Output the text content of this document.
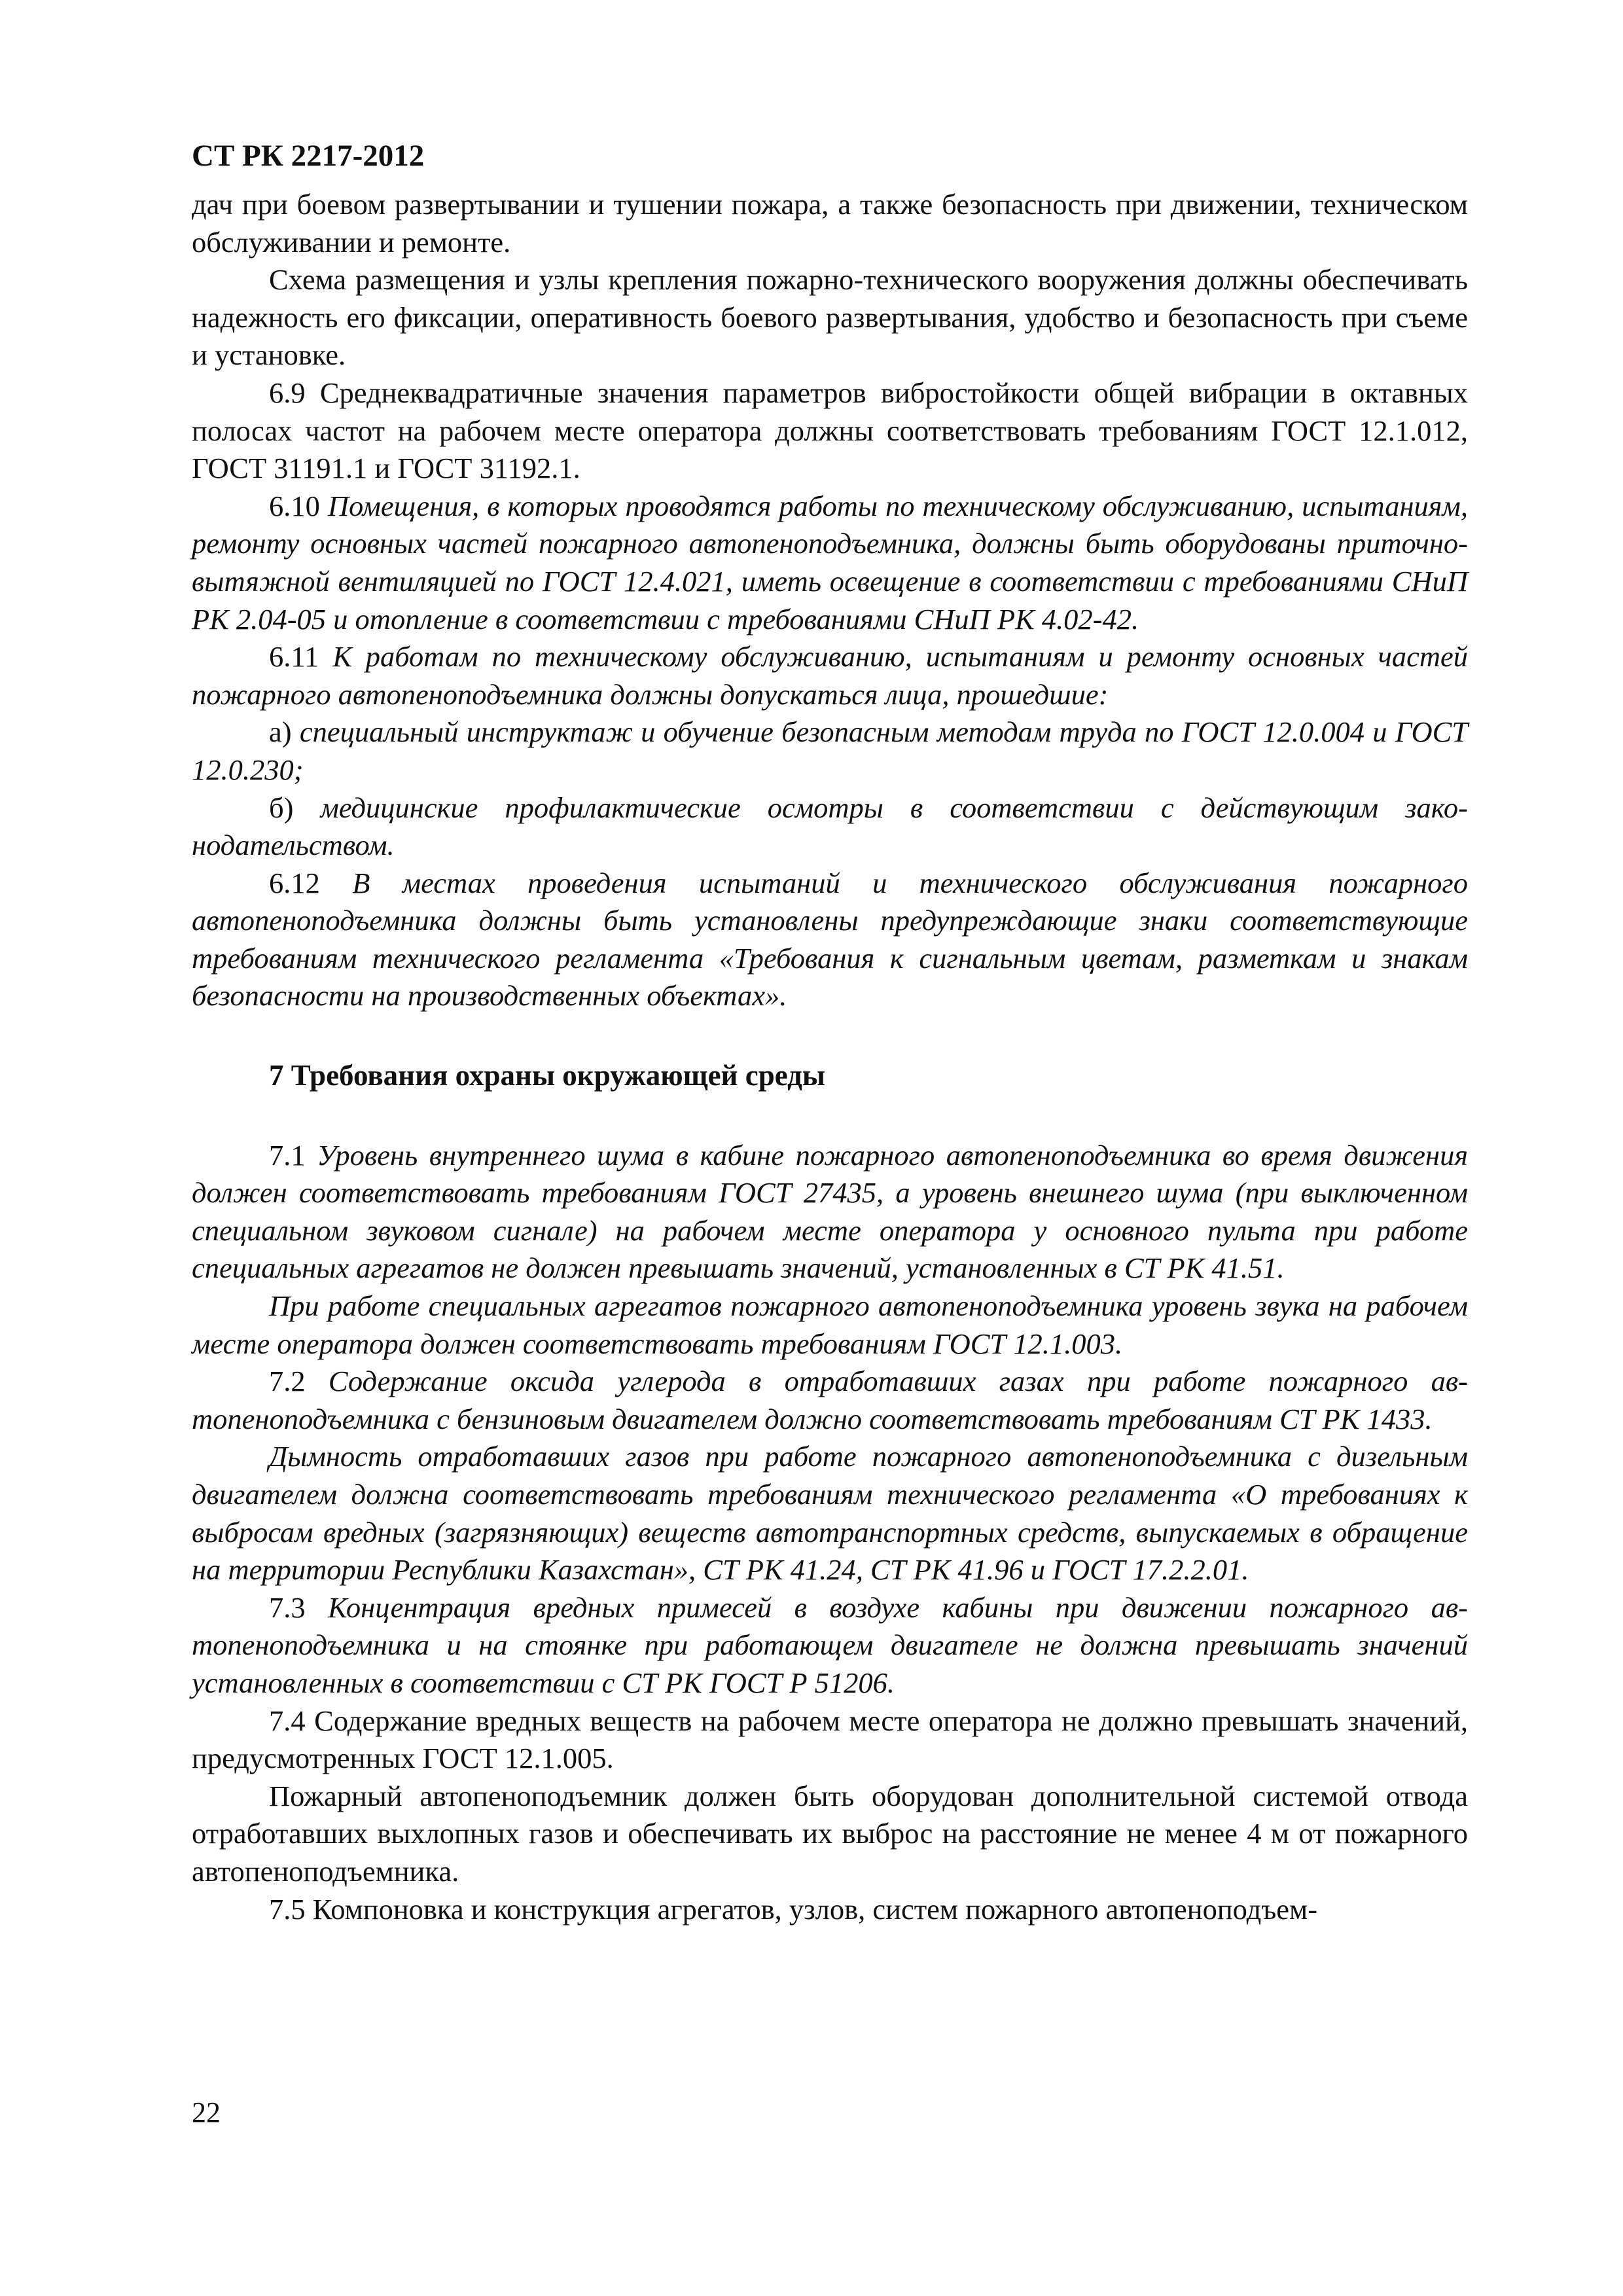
СТ РК 2217-2012

дач при боевом развертывании и тушении пожара, а также безопасность при движении, техническом обслуживании и ремонте.

Схема размещения и узлы крепления пожарно-технического вооружения должны обеспечивать надежность его фиксации, оперативность боевого развертывания, удобство и безопасность при съеме и установке.

6.9 Среднеквадратичные значения параметров вибростойкости общей вибрации в октавных полосах частот на рабочем месте оператора должны соответствовать требованиям ГОСТ 12.1.012, ГОСТ 31191.1 и ГОСТ 31192.1.

6.10 Помещения, в которых проводятся работы по техническому обслуживанию, испытаниям, ремонту основных частей пожарного автопеноподъемника, должны быть оборудованы приточно-вытяжной вентиляцией по ГОСТ 12.4.021, иметь освещение в соответствии с требованиями СНиП РК 2.04-05 и отопление в соответствии с требованиями СНиП РК 4.02-42.

6.11 К работам по техническому обслуживанию, испытаниям и ремонту основных частей пожарного автопеноподъемника должны допускаться лица, прошедшие:

а) специальный инструктаж и обучение безопасным методам труда по ГОСТ 12.0.004 и ГОСТ 12.0.230;

б) медицинские профилактические осмотры в соответствии с действующим законодательством.

6.12 В местах проведения испытаний и технического обслуживания пожарного автопеноподъемника должны быть установлены предупреждающие знаки соответствующие требованиям технического регламента «Требования к сигнальным цветам, разметкам и знакам безопасности на производственных объектах».

7 Требования охраны окружающей среды

7.1 Уровень внутреннего шума в кабине пожарного автопеноподъемника во время движения должен соответствовать требованиям ГОСТ 27435, а уровень внешнего шума (при выключенном специальном звуковом сигнале) на рабочем месте оператора у основного пульта при работе специальных агрегатов не должен превышать значений, установленных в СТ РК 41.51.

При работе специальных агрегатов пожарного автопеноподъемника уровень звука на рабочем месте оператора должен соответствовать требованиям ГОСТ 12.1.003.

7.2 Содержание оксида углерода в отработавших газах при работе пожарного автопеноподъемника с бензиновым двигателем должно соответствовать требованиям СТ РК 1433.

Дымность отработавших газов при работе пожарного автопеноподъемника с дизельным двигателем должна соответствовать требованиям технического регламента «О требованиях к выбросам вредных (загрязняющих) веществ автотранспортных средств, выпускаемых в обращение на территории Республики Казахстан», СТ РК 41.24, СТ РК 41.96 и ГОСТ 17.2.2.01.

7.3 Концентрация вредных примесей в воздухе кабины при движении пожарного автопеноподъемника и на стоянке при работающем двигателе не должна превышать значений установленных в соответствии с СТ РК ГОСТ Р 51206.

7.4 Содержание вредных веществ на рабочем месте оператора не должно превышать значений, предусмотренных ГОСТ 12.1.005.

Пожарный автопеноподъемник должен быть оборудован дополнительной системой отвода отработавших выхлопных газов и обеспечивать их выброс на расстояние не менее 4 м от пожарного автопеноподъемника.

7.5 Компоновка и конструкция агрегатов, узлов, систем пожарного автопеноподъем-

22
